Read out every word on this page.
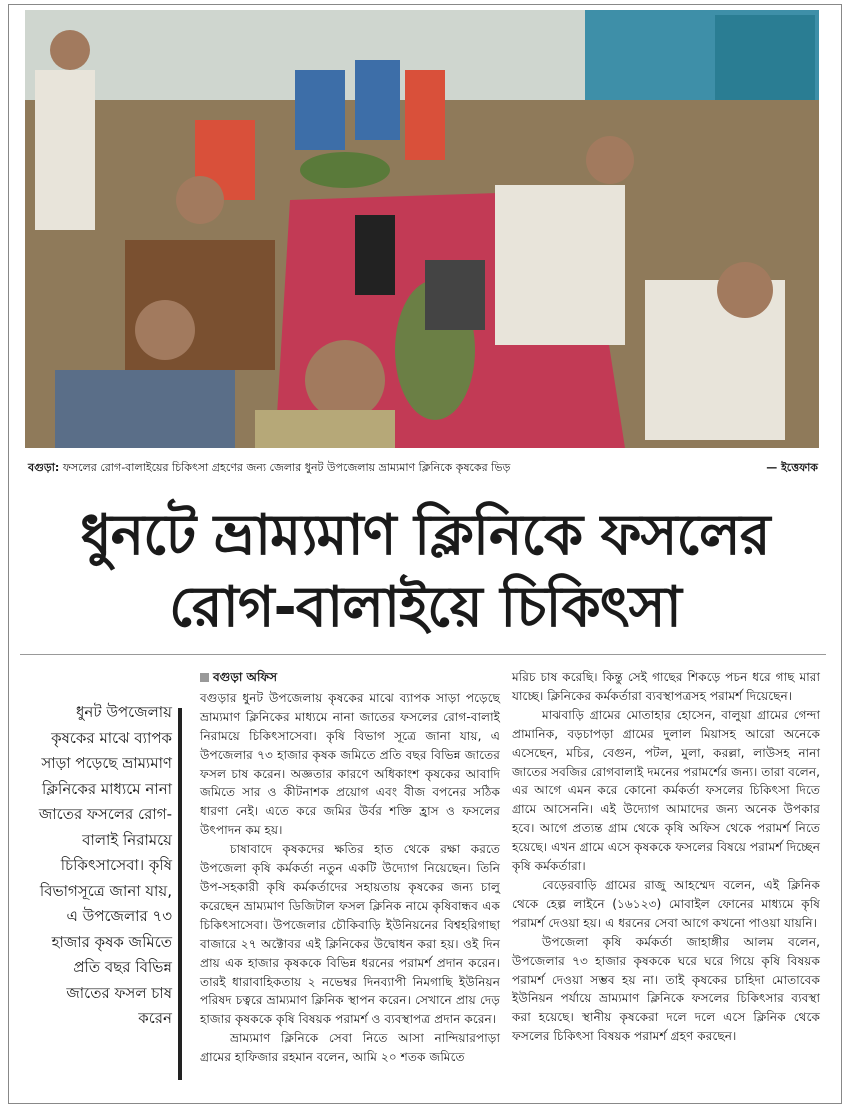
বগুড়া: ফসলের রোগ-বালাইয়ের চিকিৎসা গ্রহণের জন্য জেলার ধুনট উপজেলায় ভ্রাম্যমাণ ক্লিনিকে কৃষকের ভিড়	— ইত্তেফাক
ধুনটে ভ্রাম্যমাণ ক্লিনিকে ফসলের
রোগ-বালাইয়ে চিকিৎসা
ধুনট উপজেলায় কৃষকের মাঝে ব্যাপক সাড়া পড়েছে ভ্রাম্যমাণ ক্লিনিকের মাধ্যমে নানা জাতের ফসলের রোগ-বালাই নিরাময়ে চিকিৎসাসেবা। কৃষি বিভাগসূত্রে জানা যায়, এ উপজেলার ৭৩ হাজার কৃষক জমিতে প্রতি বছর বিভিন্ন জাতের ফসল চাষ করেন
বগুড়া অফিস

বগুড়ার ধুনট উপজেলায় কৃষকের মাঝে ব্যাপক সাড়া পড়েছে ভ্রাম্যমাণ ক্লিনিকের মাধ্যমে নানা জাতের ফসলের রোগ-বালাই নিরাময়ে চিকিৎসাসেবা। কৃষি বিভাগ সূত্রে জানা যায়, এ উপজেলার ৭৩ হাজার কৃষক জমিতে প্রতি বছর বিভিন্ন জাতের ফসল চাষ করেন। অজ্ঞতার কারণে অধিকাংশ কৃষকের আবাদি জমিতে সার ও কীটনাশক প্রয়োগ এবং বীজ বপনের সঠিক ধারণা নেই। এতে করে জমির উর্বর শক্তি হ্রাস ও ফসলের উৎপাদন কম হয়।

চাষাবাদে কৃষকদের ক্ষতির হাত থেকে রক্ষা করতে উপজেলা কৃষি কর্মকর্তা নতুন একটি উদ্যোগ নিয়েছেন। তিনি উপ-সহকারী কৃষি কর্মকর্তাদের সহায়তায় কৃষকের জন্য চালু করেছেন ভ্রাম্যমাণ ডিজিটাল ফসল ক্লিনিক নামে কৃষিবান্ধব এক চিকিৎসাসেবা। উপজেলার চৌকিবাড়ি ইউনিয়নের বিশ্বহরিগাছা বাজারে ২৭ অক্টোবর এই ক্লিনিকের উদ্বোধন করা হয়। ওই দিন প্রায় এক হাজার কৃষককে বিভিন্ন ধরনের পরামর্শ প্রদান করেন। তারই ধারাবাহিকতায় ২ নভেম্বর দিনব্যাপী নিমগাছি ইউনিয়ন পরিষদ চত্বরে ভ্রাম্যমাণ ক্লিনিক স্থাপন করেন। সেখানে প্রায় দেড় হাজার কৃষককে কৃষি বিষয়ক পরামর্শ ও ব্যবস্থাপত্র প্রদান করেন।

ভ্রাম্যমাণ ক্লিনিকে সেবা নিতে আসা নান্দিয়ারপাড়া গ্রামের হাফিজার রহমান বলেন, আমি ২০ শতক জমিতে

মরিচ চাষ করেছি। কিন্তু সেই গাছের শিকড়ে পচন ধরে গাছ মারা যাচ্ছে। ক্লিনিকের কর্মকর্তারা ব্যবস্থাপত্রসহ পরামর্শ দিয়েছেন।

মাঝবাড়ি গ্রামের মোতাহার হোসেন, বালুয়া গ্রামের গেন্দা প্রামানিক, বড়চাপড়া গ্রামের দুলাল মিয়াসহ আরো অনেকে এসেছেন, মচির, বেগুন, পটল, মুলা, করল্লা, লাউসহ নানা জাতের সবজির রোগবালাই দমনের পরামর্শের জন্য। তারা বলেন, এর আগে এমন করে কোনো কর্মকর্তা ফসলের চিকিৎসা দিতে গ্রামে আসেননি। এই উদ্যোগ আমাদের জন্য অনেক উপকার হবে। আগে প্রত্যন্ত গ্রাম থেকে কৃষি অফিস থেকে পরামর্শ নিতে হয়েছে। এখন গ্রামে এসে কৃষককে ফসলের বিষয়ে পরামর্শ দিচ্ছেন কৃষি কর্মকর্তারা।

বেড়েরবাড়ি গ্রামের রাজু আহম্মেদ বলেন, এই ক্লিনিক থেকে হেল্প লাইনে (১৬১২৩) মোবাইল ফোনের মাধ্যমে কৃষি পরামর্শ দেওয়া হয়। এ ধরনের সেবা আগে কখনো পাওয়া যায়নি।

উপজেলা কৃষি কর্মকর্তা জাহাঙ্গীর আলম বলেন, উপজেলার ৭৩ হাজার কৃষককে ঘরে ঘরে গিয়ে কৃষি বিষয়ক পরামর্শ দেওয়া সম্ভব হয় না। তাই কৃষকের চাহিদা মোতাবেক ইউনিয়ন পর্যায়ে ভ্রাম্যমাণ ক্লিনিকে ফসলের চিকিৎসার ব্যবস্থা করা হয়েছে। স্থানীয় কৃষকেরা দলে দলে এসে ক্লিনিক থেকে ফসলের চিকিৎসা বিষয়ক পরামর্শ গ্রহণ করছেন।
